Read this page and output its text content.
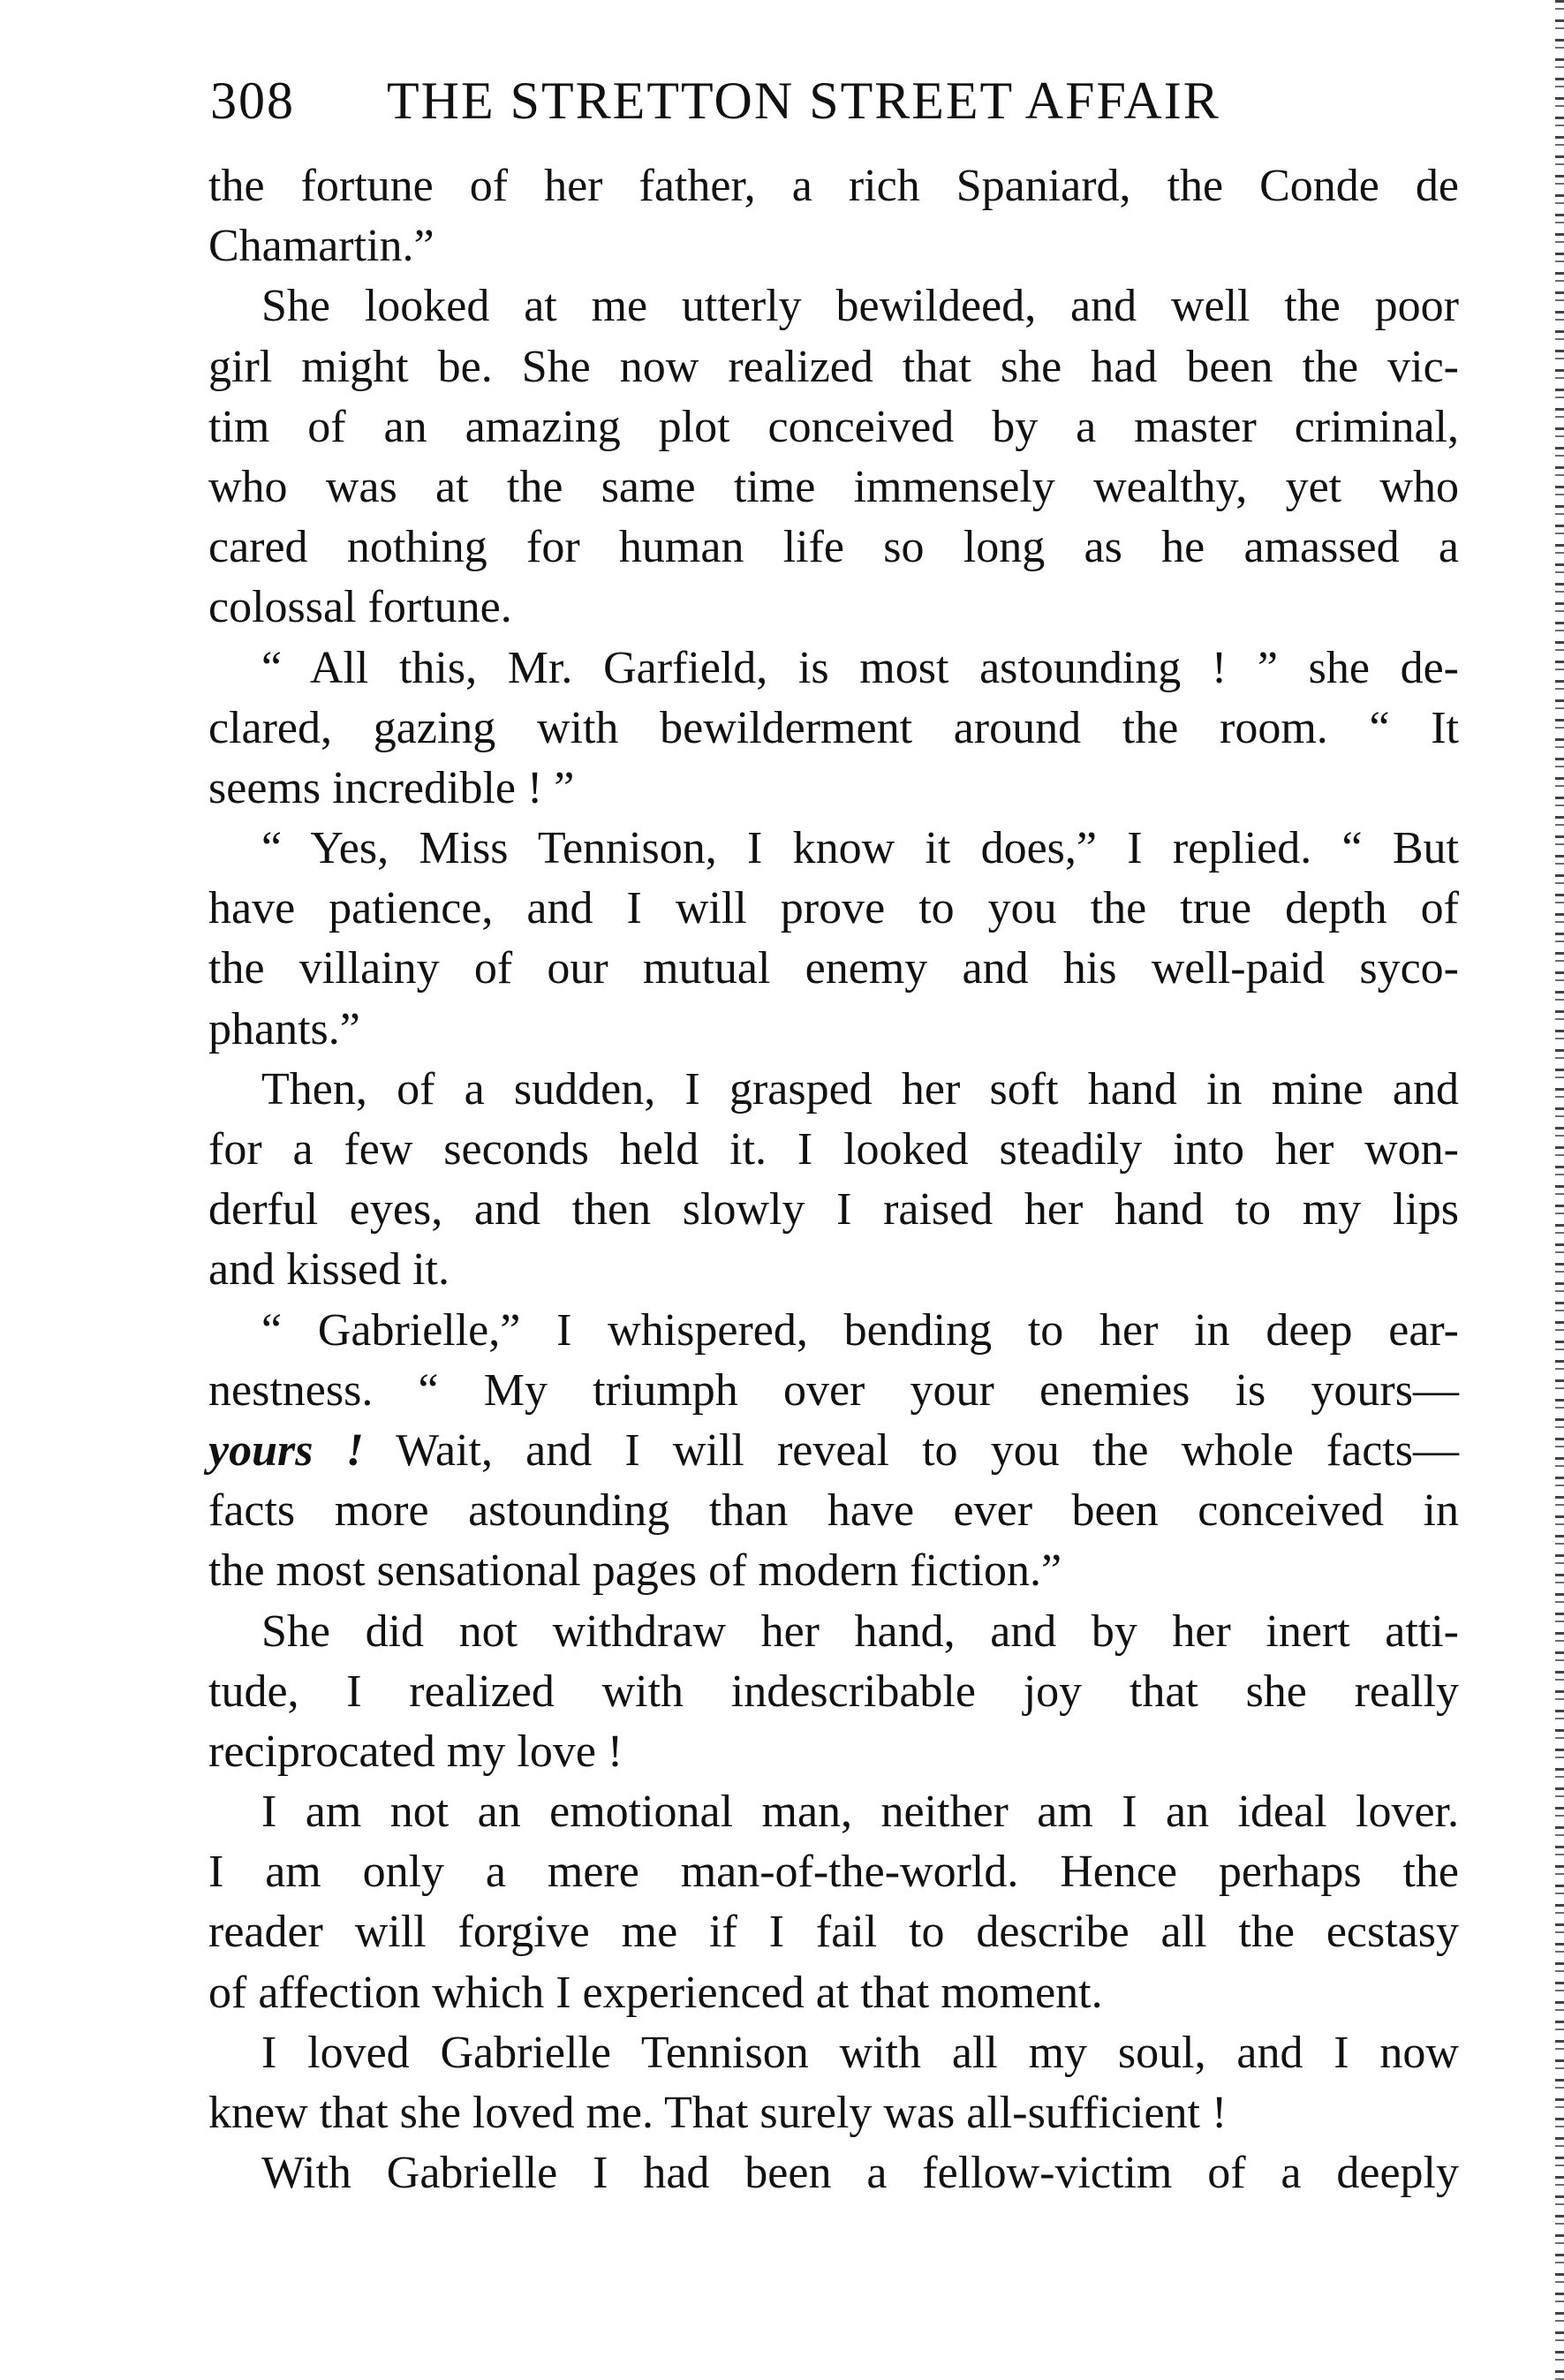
308 THE STRETTON STREET AFFAIR
the fortune of her father, a rich Spaniard, the Conde de
Chamartin.”
She looked at me utterly bewildeed, and well the poor
girl might be. She now realized that she had been the vic-
tim of an amazing plot conceived by a master criminal,
who was at the same time immensely wealthy, yet who
cared nothing for human life so long as he amassed a
colossal fortune.
“ All this, Mr. Garfield, is most astounding ! ” she de-
clared, gazing with bewilderment around the room. “ It
seems incredible ! ”
“ Yes, Miss Tennison, I know it does,” I replied. “ But
have patience, and I will prove to you the true depth of
the villainy of our mutual enemy and his well-paid syco-
phants.”
Then, of a sudden, I grasped her soft hand in mine and
for a few seconds held it. I looked steadily into her won-
derful eyes, and then slowly I raised her hand to my lips
and kissed it.
“ Gabrielle,” I whispered, bending to her in deep ear-
nestness. “ My triumph over your enemies is yours—
yours ! Wait, and I will reveal to you the whole facts—
facts more astounding than have ever been conceived in
the most sensational pages of modern fiction.”
She did not withdraw her hand, and by her inert atti-
tude, I realized with indescribable joy that she really
reciprocated my love !
I am not an emotional man, neither am I an ideal lover.
I am only a mere man-of-the-world. Hence perhaps the
reader will forgive me if I fail to describe all the ecstasy
of affection which I experienced at that moment.
I loved Gabrielle Tennison with all my soul, and I now
knew that she loved me. That surely was all-sufficient !
With Gabrielle I had been a fellow-victim of a deeply
